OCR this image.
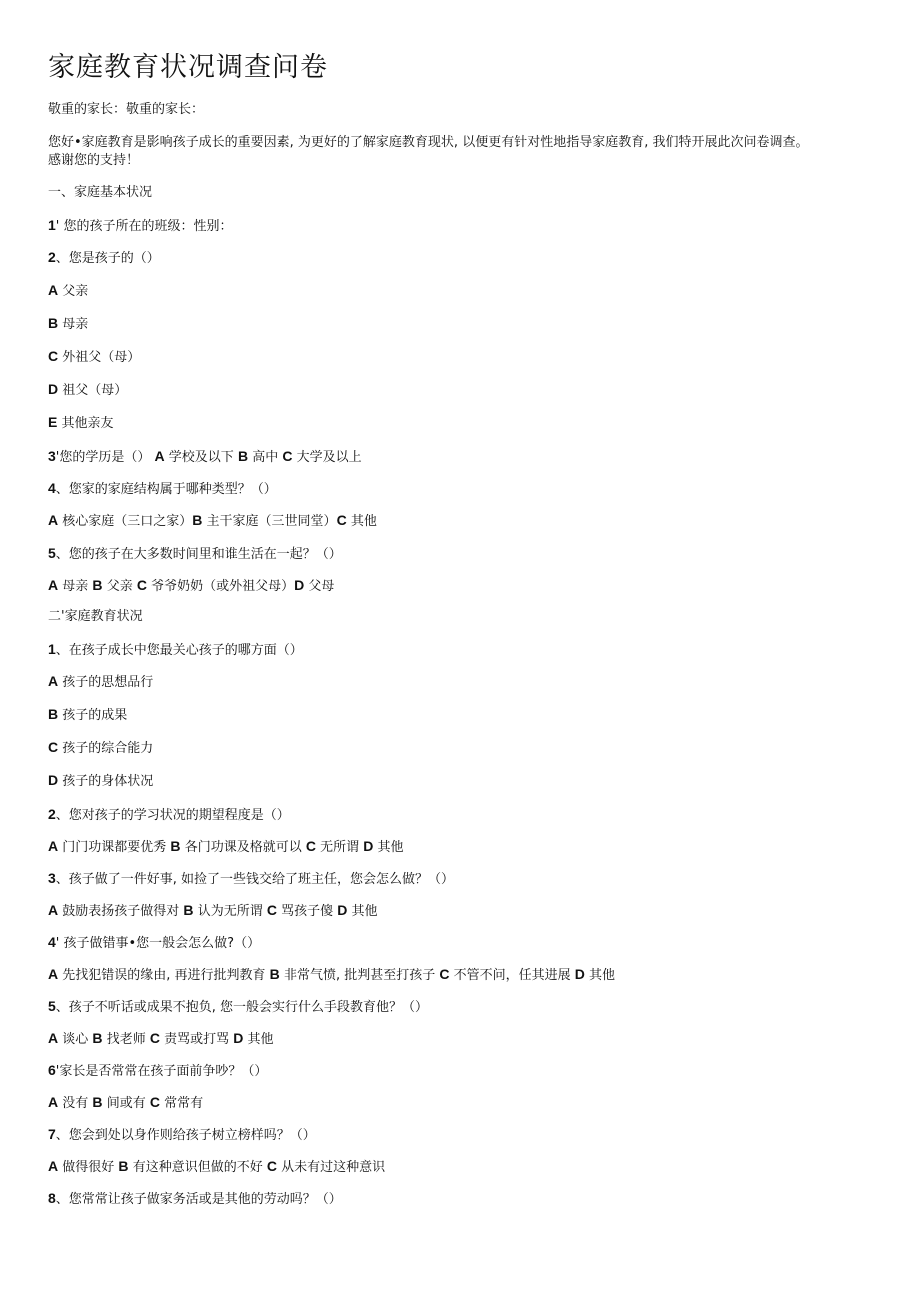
家庭教育状况调查问卷
敬重的家长：敬重的家长：
您好•家庭教育是影响孩子成长的重要因素, 为更好的了解家庭教育现状, 以便更有针对性地指导家庭教育, 我们特开展此次问卷调查。
感谢您的支持！
一、家庭基本状况
1' 您的孩子所在的班级：性别：
2、您是孩子的（）
A 父亲
B 母亲
C 外祖父（母）
D 祖父（母）
E 其他亲友
3'您的学历是（） A 学校及以下 B 高中 C 大学及以上
4、您家的家庭结构属于哪种类型？（）
A 核心家庭（三口之家）B 主干家庭（三世同堂）C 其他
5、您的孩子在大多数时间里和谁生活在一起？（）
A 母亲 B 父亲 C 爷爷奶奶（或外祖父母）D 父母
二'家庭教育状况
1、在孩子成长中您最关心孩子的哪方面（）
A 孩子的思想品行
B 孩子的成果
C 孩子的综合能力
D 孩子的身体状况
2、您对孩子的学习状况的期望程度是（）
A 门门功课都要优秀 B 各门功课及格就可以 C 无所谓 D 其他
3、孩子做了一件好事, 如捡了一些钱交给了班主任，您会怎么做？（）
A 鼓励表扬孩子做得对 B 认为无所谓 C 骂孩子傻 D 其他
4' 孩子做错事•您一般会怎么做?（）
A 先找犯错误的缘由, 再进行批判教育 B 非常气愤, 批判甚至打孩子 C 不管不问，任其进展 D 其他
5、孩子不听话或成果不抱负, 您一般会实行什么手段教育他？（）
A 谈心 B 找老师 C 责骂或打骂 D 其他
6'家长是否常常在孩子面前争吵？（）
A 没有 B 间或有 C 常常有
7、您会到处以身作则给孩子树立榜样吗？（）
A 做得很好 B 有这种意识但做的不好 C 从未有过这种意识
8、您常常让孩子做家务活或是其他的劳动吗？（）
